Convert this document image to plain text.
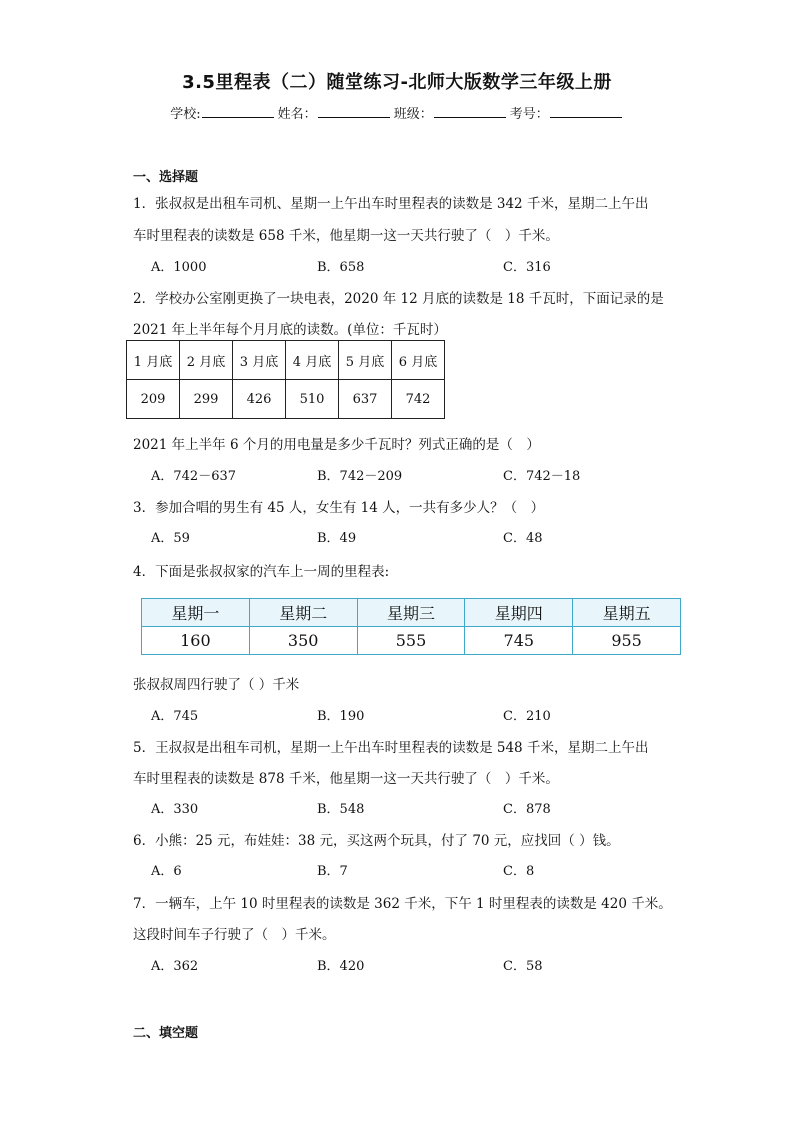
3.5里程表（二）随堂练习-北师大版数学三年级上册
学校:	姓名：	班级：	考号：
一、选择题
1．张叔叔是出租车司机、星期一上午出车时里程表的读数是 342 千米，星期二上午出
车时里程表的读数是 658 千米，他星期一这一天共行驶了（　）千米。
A．1000	B．658	C．316
2．学校办公室刚更换了一块电表，2020 年 12 月底的读数是 18 千瓦时，下面记录的是
2021 年上半年每个月月底的读数。(单位：千瓦时）
1 月底	2 月底	3 月底	4 月底	5 月底	6 月底
209	299	426	510	637	742
2021 年上半年 6 个月的用电量是多少千瓦时？列式正确的是（　）
A．742－637	B．742－209	C．742－18
3．参加合唱的男生有 45 人，女生有 14 人，一共有多少人？（　）
A．59	B．49	C．48
4．下面是张叔叔家的汽车上一周的里程表:
星期一	星期二	星期三	星期四	星期五
160	350	555	745	955
张叔叔周四行驶了（ ）千米
A．745	B．190	C．210
5．王叔叔是出租车司机，星期一上午出车时里程表的读数是 548 千米，星期二上午出
车时里程表的读数是 878 千米，他星期一这一天共行驶了（　）千米。
A．330	B．548	C．878
6．小熊：25 元，布娃娃：38 元，买这两个玩具，付了 70 元，应找回（ ）钱。
A．6	B．7	C．8
7．一辆车，上午 10 时里程表的读数是 362 千米，下午 1 时里程表的读数是 420 千米。
这段时间车子行驶了（　）千米。
A．362	B．420	C．58
二、填空题
